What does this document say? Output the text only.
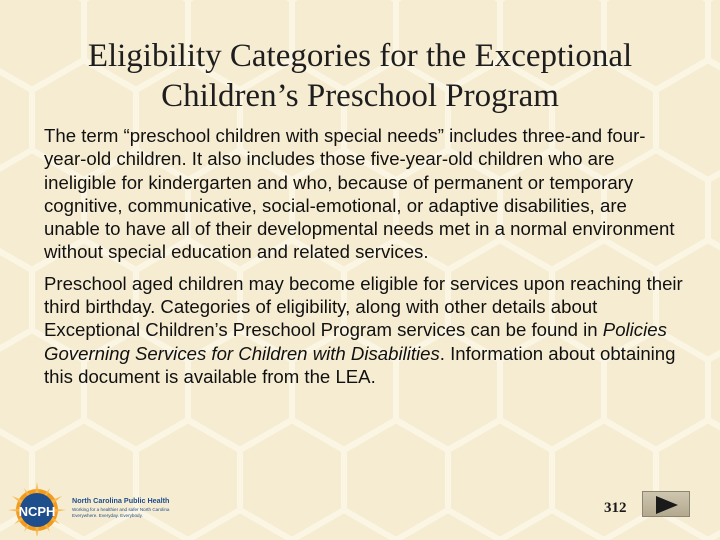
Eligibility Categories for the Exceptional
Children’s Preschool Program

The term “preschool children with special needs” includes three-and four-year-old children. It also includes those five-year-old children who are ineligible for kindergarten and who, because of permanent or temporary cognitive, communicative, social-emotional, or adaptive disabilities, are unable to have all of their developmental needs met in a normal environment without special education and related services.

Preschool aged children may become eligible for services upon reaching their third birthday. Categories of eligibility, along with other details about Exceptional Children’s Preschool Program services can be found in Policies Governing Services for Children with Disabilities. Information about obtaining this document is available from the LEA.

NCPH
North Carolina Public Health
Working for a healthier and safer North Carolina
Everywhere. Everyday. Everybody.	312
